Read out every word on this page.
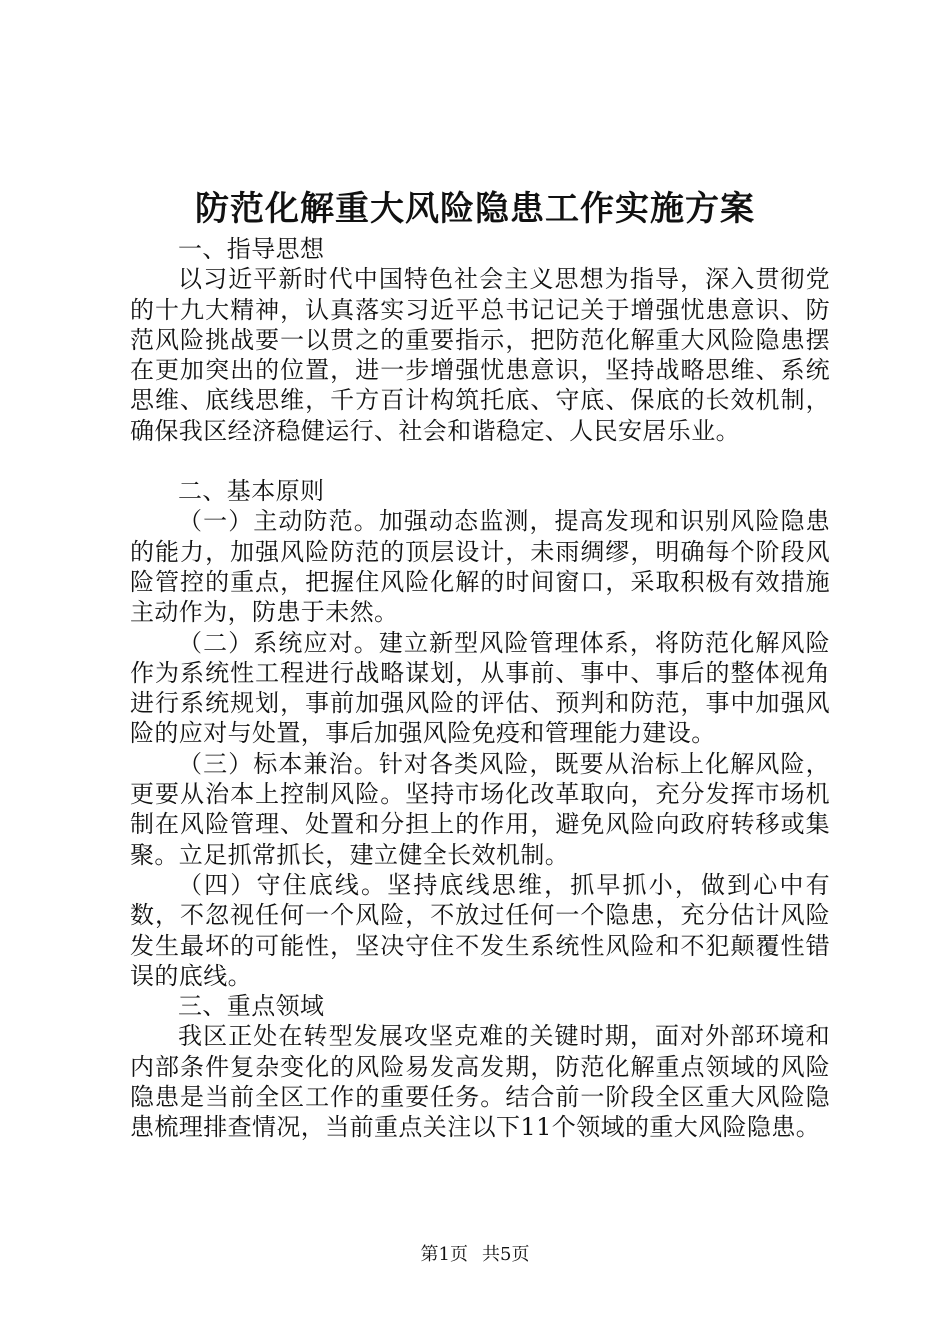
防范化解重大风险隐患工作实施方案

一、指导思想

以习近平新时代中国特色社会主义思想为指导，深入贯彻党的十九大精神，认真落实习近平总书记记关于增强忧患意识、防范风险挑战要一以贯之的重要指示，把防范化解重大风险隐患摆在更加突出的位置，进一步增强忧患意识，坚持战略思维、系统思维、底线思维，千方百计构筑托底、守底、保底的长效机制，确保我区经济稳健运行、社会和谐稳定、人民安居乐业。

二、基本原则

（一）主动防范。加强动态监测，提高发现和识别风险隐患的能力，加强风险防范的顶层设计，未雨绸缪，明确每个阶段风险管控的重点，把握住风险化解的时间窗口，采取积极有效措施主动作为，防患于未然。

（二）系统应对。建立新型风险管理体系，将防范化解风险作为系统性工程进行战略谋划，从事前、事中、事后的整体视角进行系统规划，事前加强风险的评估、预判和防范，事中加强风险的应对与处置，事后加强风险免疫和管理能力建设。

（三）标本兼治。针对各类风险，既要从治标上化解风险，更要从治本上控制风险。坚持市场化改革取向，充分发挥市场机制在风险管理、处置和分担上的作用，避免风险向政府转移或集聚。立足抓常抓长，建立健全长效机制。

（四）守住底线。坚持底线思维，抓早抓小，做到心中有数，不忽视任何一个风险，不放过任何一个隐患，充分估计风险发生最坏的可能性，坚决守住不发生系统性风险和不犯颠覆性错误的底线。

三、重点领域

我区正处在转型发展攻坚克难的关键时期，面对外部环境和内部条件复杂变化的风险易发高发期，防范化解重点领域的风险隐患是当前全区工作的重要任务。结合前一阶段全区重大风险隐患梳理排查情况，当前重点关注以下11个领域的重大风险隐患。

第1页 共5页
